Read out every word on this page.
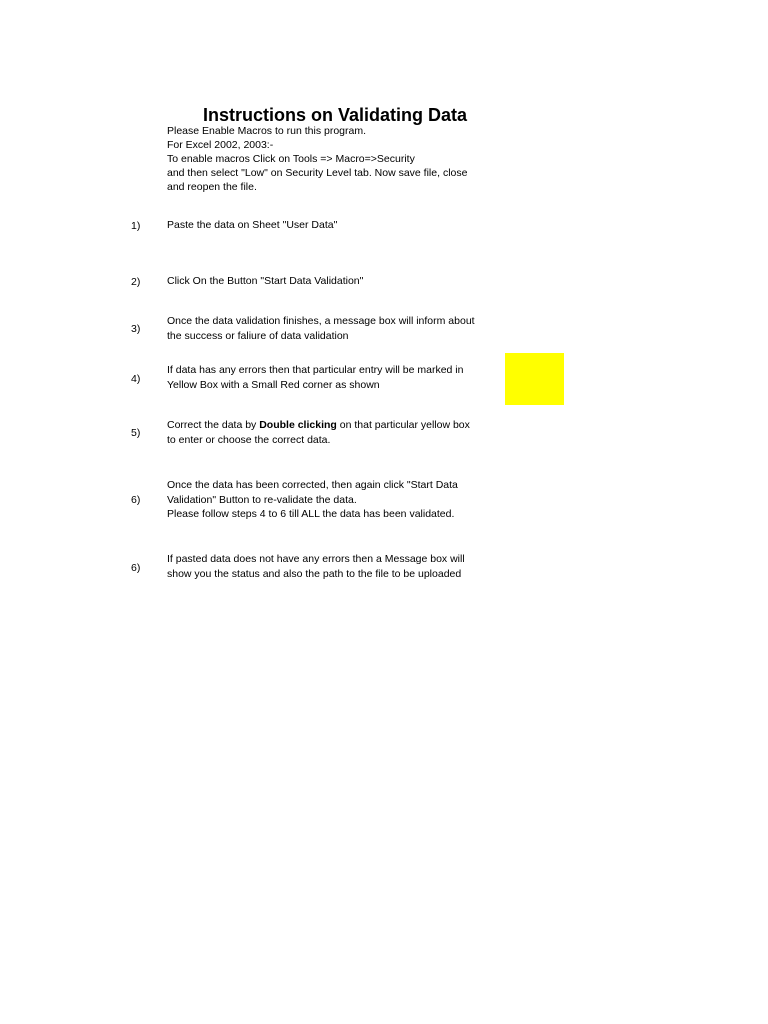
Instructions on Validating Data
Please Enable Macros to run this program.
For Excel 2002, 2003:-
To enable macros Click on Tools => Macro=>Security
and then select "Low" on Security Level tab. Now save file, close
and reopen the file.
1)	Paste the data on Sheet "User Data"
2)	Click On the Button "Start Data Validation"
3)
Once the data validation finishes, a message box will inform about
the success or faliure of data validation
4)
If data has any errors then that particular entry will be marked in
Yellow Box with a Small Red corner as shown
5)
Correct the data by Double clicking on that particular yellow box
to enter or choose the correct data.
6)
Once the data has been corrected, then again click "Start Data
Validation" Button to re-validate the data.
Please follow steps 4 to 6 till ALL the data has been validated.
6)
If pasted data does not have any errors then a Message box will
show you the status and also the path to the file to be uploaded
